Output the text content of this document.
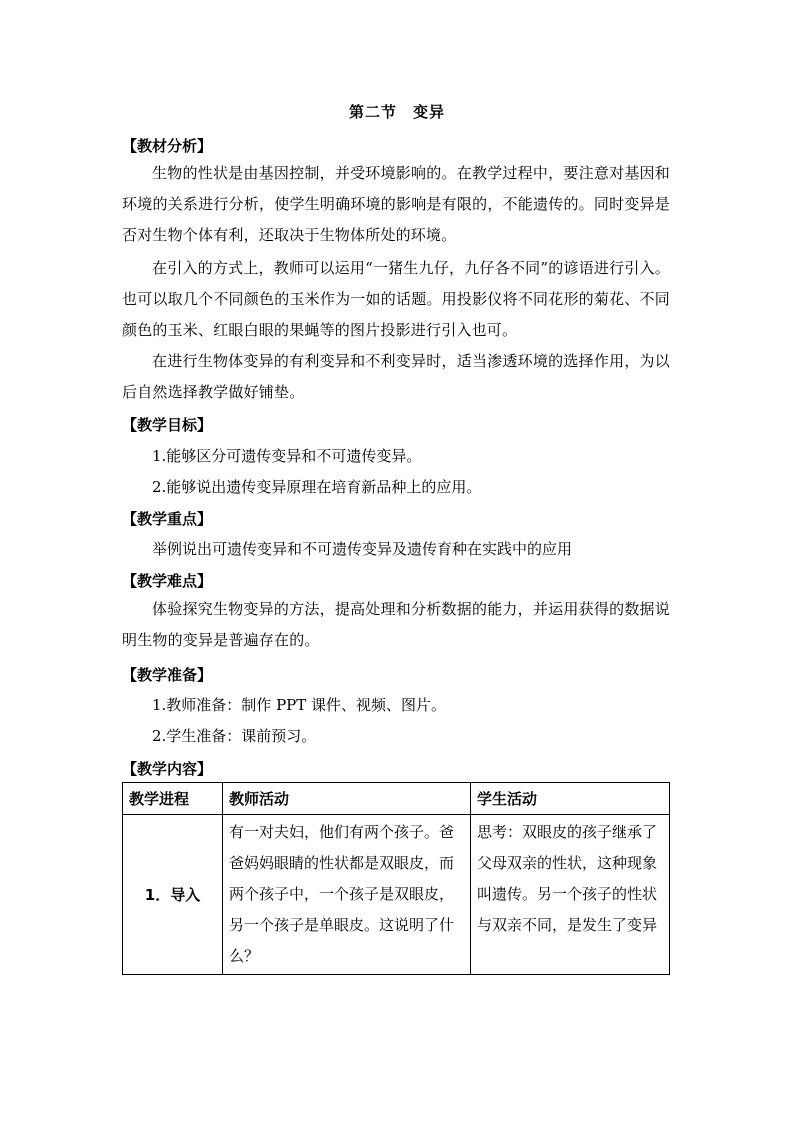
第二节　变异
【教材分析】
生物的性状是由基因控制，并受环境影响的。在教学过程中，要注意对基因和环境的关系进行分析，使学生明确环境的影响是有限的，不能遗传的。同时变异是否对生物个体有利，还取决于生物体所处的环境。
在引入的方式上，教师可以运用“一猪生九仔，九仔各不同”的谚语进行引入。也可以取几个不同颜色的玉米作为一如的话题。用投影仪将不同花形的菊花、不同颜色的玉米、红眼白眼的果蝇等的图片投影进行引入也可。
在进行生物体变异的有利变异和不利变异时，适当渗透环境的选择作用，为以后自然选择教学做好铺垫。
【教学目标】
1.能够区分可遗传变异和不可遗传变异。
2.能够说出遗传变异原理在培育新品种上的应用。
【教学重点】
举例说出可遗传变异和不可遗传变异及遗传育种在实践中的应用
【教学难点】
体验探究生物变异的方法，提高处理和分析数据的能力，并运用获得的数据说明生物的变异是普遍存在的。
【教学准备】
1.教师准备：制作 PPT 课件、视频、图片。
2.学生准备：课前预习。
【教学内容】
教学进程	教师活动	学生活动
1．导入	有一对夫妇，他们有两个孩子。爸爸妈妈眼睛的性状都是双眼皮，而两个孩子中，一个孩子是双眼皮，另一个孩子是单眼皮。这说明了什么？	思考：双眼皮的孩子继承了父母双亲的性状，这种现象叫遗传。另一个孩子的性状与双亲不同，是发生了变异
